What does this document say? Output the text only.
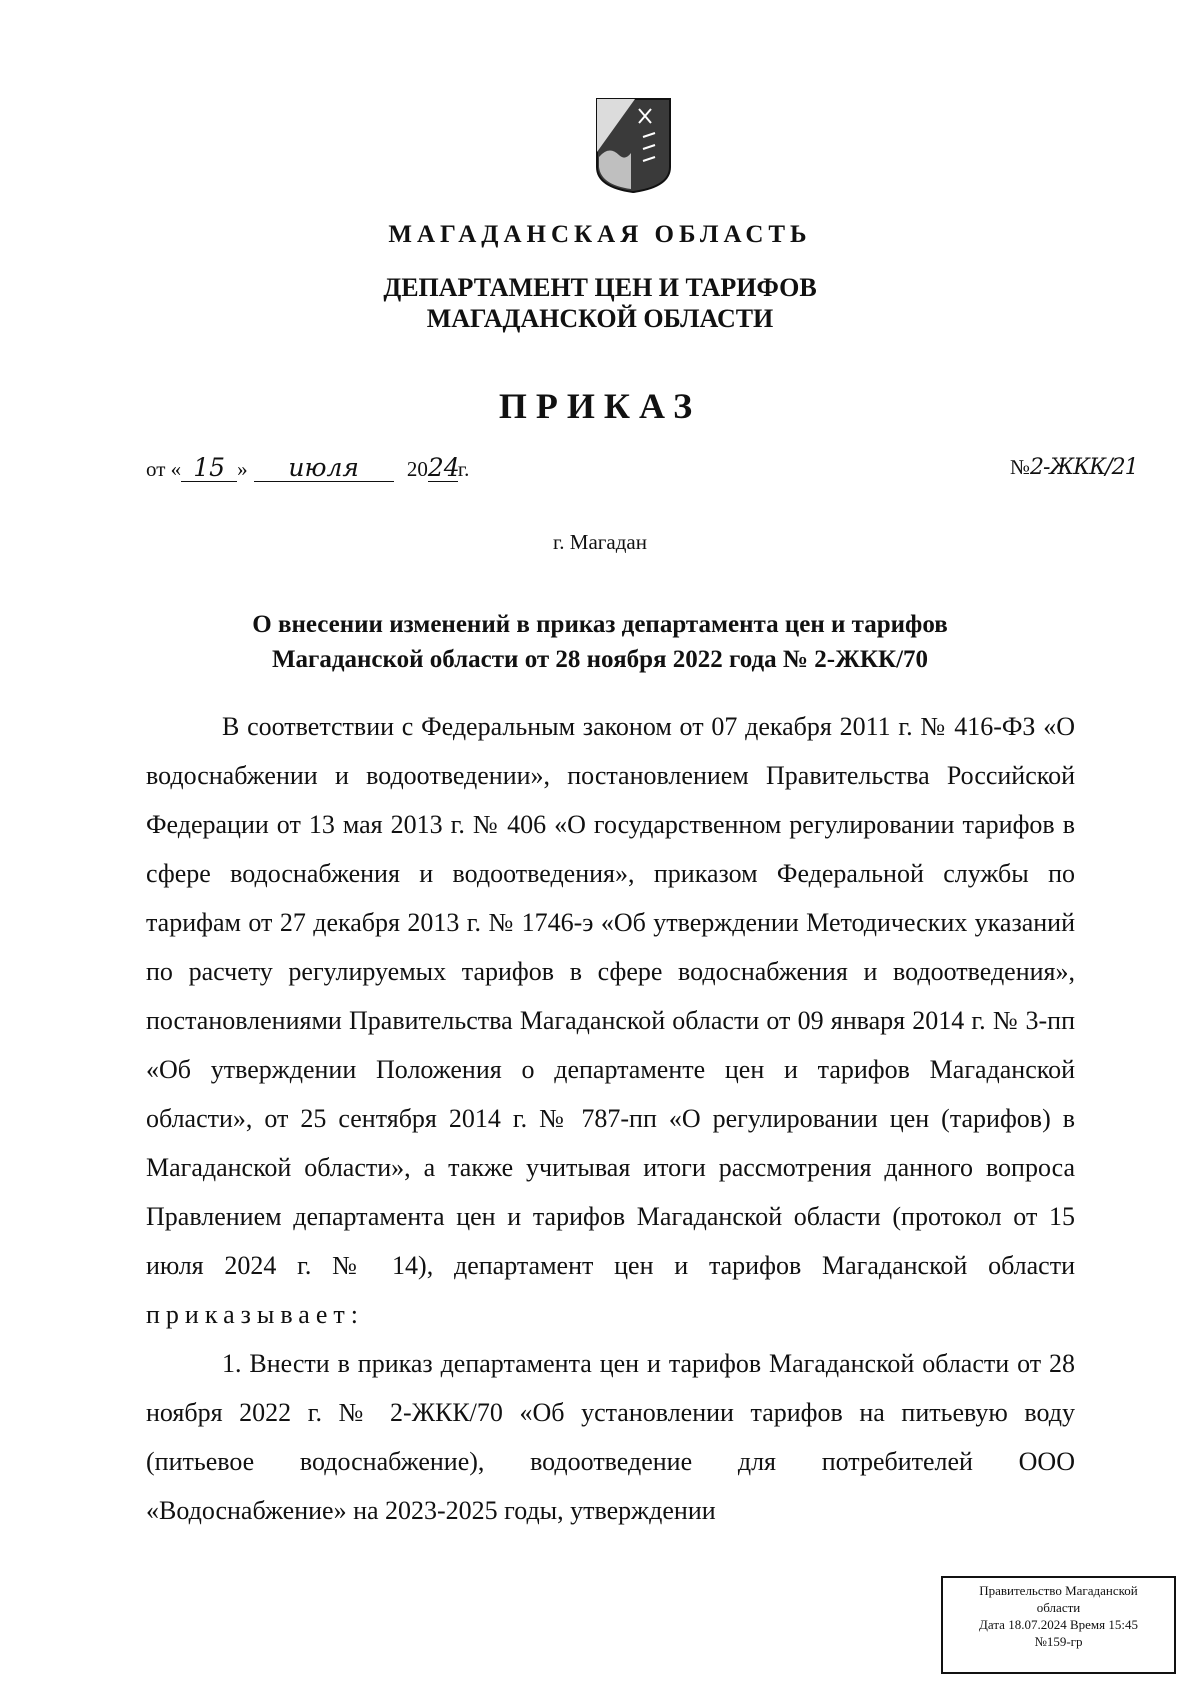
МАГАДАНСКАЯ ОБЛАСТЬ
ДЕПАРТАМЕНТ ЦЕН И ТАРИФОВ
МАГАДАНСКОЙ ОБЛАСТИ
ПРИКАЗ
от « 15 » июля 2024г.	№2-ЖКК/21
г. Магадан
О внесении изменений в приказ департамента цен и тарифов
Магаданской области от 28 ноября 2022 года № 2-ЖКК/70

В соответствии с Федеральным законом от 07 декабря 2011 г. № 416-ФЗ «О водоснабжении и водоотведении», постановлением Правительства Российской Федерации от 13 мая 2013 г. № 406 «О государственном регулировании тарифов в сфере водоснабжения и водоотведения», приказом Федеральной службы по тарифам от 27 декабря 2013 г. № 1746-э «Об утверждении Методических указаний по расчету регулируемых тарифов в сфере водоснабжения и водоотведения», постановлениями Правительства Магаданской области от 09 января 2014 г. № 3-пп «Об утверждении Положения о департаменте цен и тарифов Магаданской области», от 25 сентября 2014 г. № 787-пп «О регулировании цен (тарифов) в Магаданской области», а также учитывая итоги рассмотрения данного вопроса Правлением департамента цен и тарифов Магаданской области (протокол от 15 июля 2024 г. № 14), департамент цен и тарифов Магаданской области приказывает:

1. Внести в приказ департамента цен и тарифов Магаданской области от 28 ноября 2022 г. № 2-ЖКК/70 «Об установлении тарифов на питьевую воду (питьевое водоснабжение), водоотведение для потребителей ООО «Водоснабжение» на 2023-2025 годы, утверждении

Правительство Магаданской
области
Дата 18.07.2024 Время 15:45
№159-гр
